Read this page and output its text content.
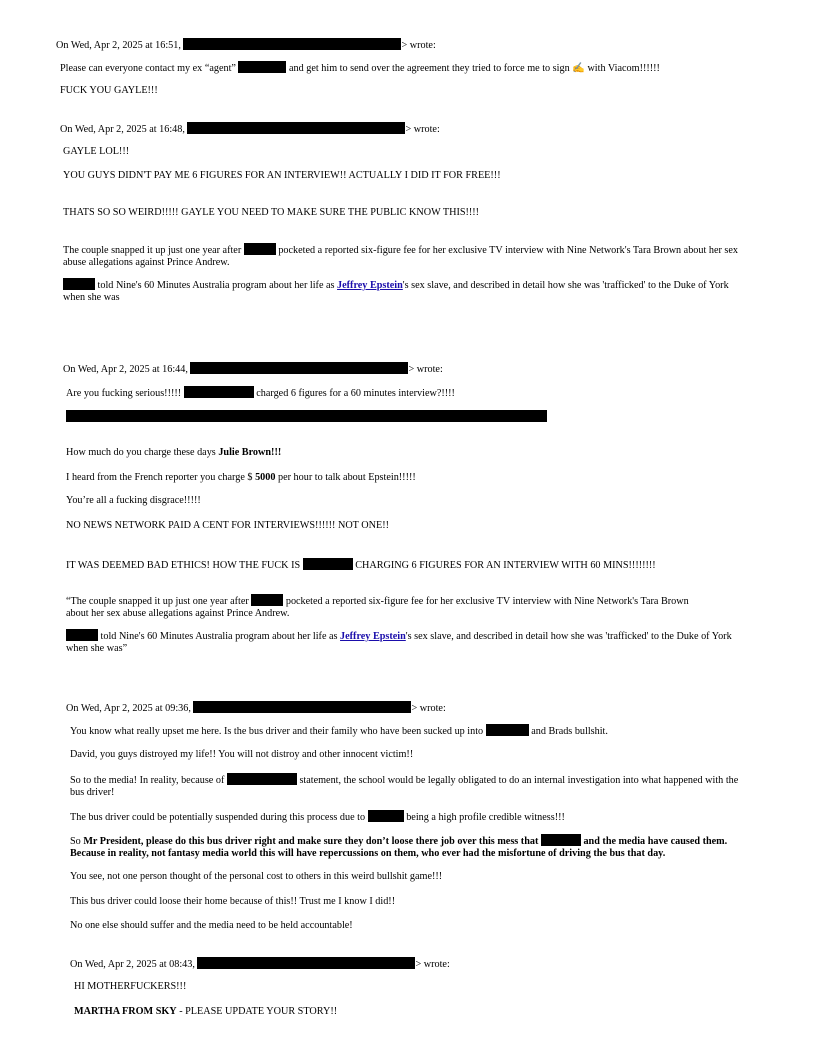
On Wed, Apr 2, 2025 at 16:51,	> wrote:
Please can everyone contact my ex “agent”	and get him to send over the agreement they tried to force me to sign ✍️ with Viacom!!!!!!
FUCK YOU GAYLE!!!
On Wed, Apr 2, 2025 at 16:48,	> wrote:
GAYLE LOL!!!
YOU GUYS DIDN'T PAY ME 6 FIGURES FOR AN INTERVIEW!! ACTUALLY I DID IT FOR FREE!!!
THATS SO SO WEIRD!!!!! GAYLE YOU NEED TO MAKE SURE THE PUBLIC KNOW THIS!!!!
The couple snapped it up just one year after	pocketed a reported six-figure fee for her exclusive TV interview with Nine Network's Tara Brown about her sex abuse allegations against Prince Andrew.
told Nine's 60 Minutes Australia program about her life as Jeffrey Epstein's sex slave, and described in detail how she was 'trafficked' to the Duke of York when she was
On Wed, Apr 2, 2025 at 16:44,	> wrote:
Are you fucking serious!!!!!	charged 6 figures for a 60 minutes interview?!!!!
How much do you charge these days Julie Brown!!!
I heard from the French reporter you charge $ 5000 per hour to talk about Epstein!!!!!
You’re all a fucking disgrace!!!!!
NO NEWS NETWORK PAID A CENT FOR INTERVIEWS!!!!!! NOT ONE!!
IT WAS DEEMED BAD ETHICS! HOW THE FUCK IS	CHARGING 6 FIGURES FOR AN INTERVIEW WITH 60 MINS!!!!!!!!
“The couple snapped it up just one year after	pocketed a reported six-figure fee for her exclusive TV interview with Nine Network's Tara Brown about her sex abuse allegations against Prince Andrew.
told Nine's 60 Minutes Australia program about her life as Jeffrey Epstein's sex slave, and described in detail how she was 'trafficked' to the Duke of York when she was”
On Wed, Apr 2, 2025 at 09:36,	> wrote:
You know what really upset me here. Is the bus driver and their family who have been sucked up into	and Brads bullshit.
David, you guys distroyed my life!! You will not distroy and other innocent victim!!
So to the media! In reality, because of	statement, the school would be legally obligated to do an internal investigation into what happened with the bus driver!
The bus driver could be potentially suspended during this process due to	being a high profile credible witness!!!
So Mr President, please do this bus driver right and make sure they don’t loose there job over this mess that	and the media have caused them. Because in reality, not fantasy media world this will have repercussions on them, who ever had the misfortune of driving the bus that day.
You see, not one person thought of the personal cost to others in this weird bullshit game!!!
This bus driver could loose their home because of this!! Trust me I know I did!!
No one else should suffer and the media need to be held accountable!
On Wed, Apr 2, 2025 at 08:43,	> wrote:
HI MOTHERFUCKERS!!!
MARTHA FROM SKY - PLEASE UPDATE YOUR STORY!!
